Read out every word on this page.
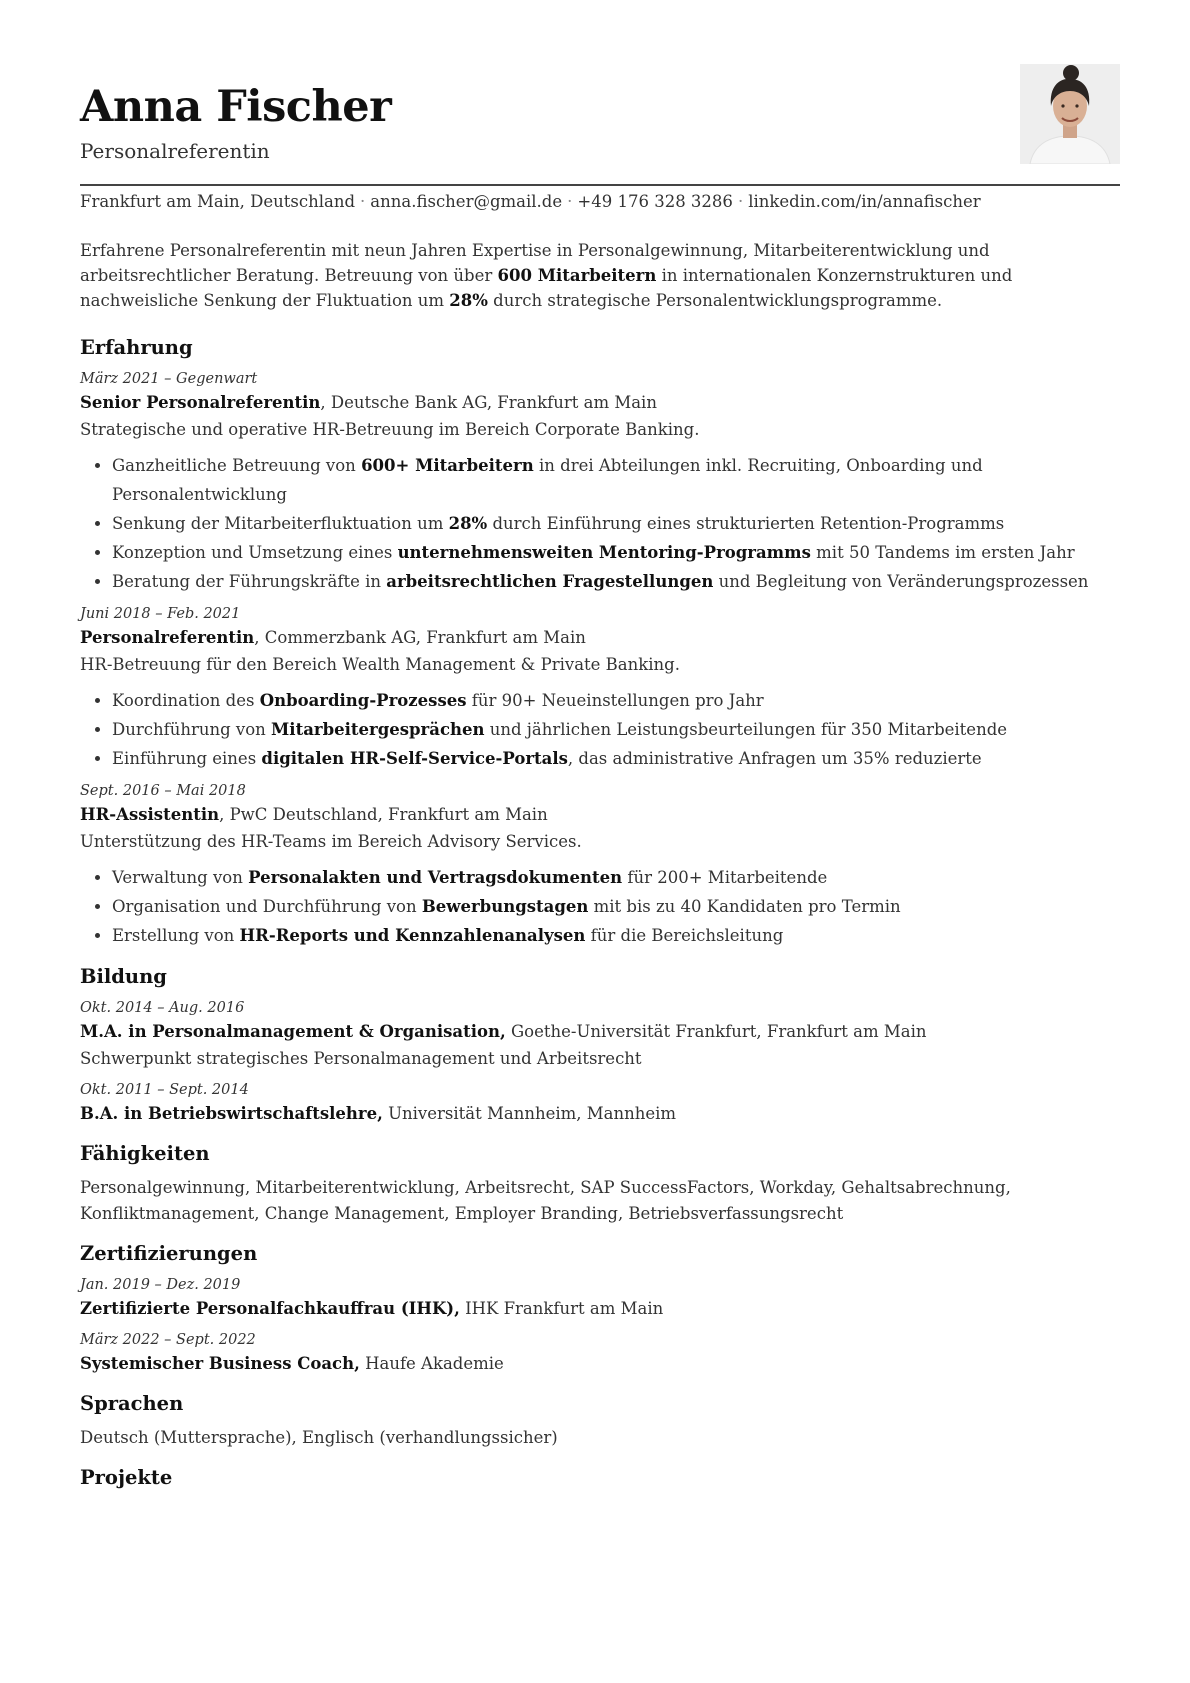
Anna Fischer
Personalreferentin
Frankfurt am Main, Deutschland · anna.fischer@gmail.de · +49 176 328 3286 · linkedin.com/in/annafischer
Erfahrene Personalreferentin mit neun Jahren Expertise in Personalgewinnung, Mitarbeiterentwicklung und arbeitsrechtlicher Beratung. Betreuung von über 600 Mitarbeitern in internationalen Konzernstrukturen und nachweisliche Senkung der Fluktuation um 28% durch strategische Personalentwicklungsprogramme.
Erfahrung
März 2021 – Gegenwart
Senior Personalreferentin, Deutsche Bank AG, Frankfurt am Main
Strategische und operative HR-Betreuung im Bereich Corporate Banking.
• Ganzheitliche Betreuung von 600+ Mitarbeitern in drei Abteilungen inkl. Recruiting, Onboarding und Personalentwicklung
• Senkung der Mitarbeiterfluktuation um 28% durch Einführung eines strukturierten Retention-Programms
• Konzeption und Umsetzung eines unternehmensweiten Mentoring-Programms mit 50 Tandems im ersten Jahr
• Beratung der Führungskräfte in arbeitsrechtlichen Fragestellungen und Begleitung von Veränderungsprozessen
Juni 2018 – Feb. 2021
Personalreferentin, Commerzbank AG, Frankfurt am Main
HR-Betreuung für den Bereich Wealth Management & Private Banking.
• Koordination des Onboarding-Prozesses für 90+ Neueinstellungen pro Jahr
• Durchführung von Mitarbeitergesprächen und jährlichen Leistungsbeurteilungen für 350 Mitarbeitende
• Einführung eines digitalen HR-Self-Service-Portals, das administrative Anfragen um 35% reduzierte
Sept. 2016 – Mai 2018
HR-Assistentin, PwC Deutschland, Frankfurt am Main
Unterstützung des HR-Teams im Bereich Advisory Services.
• Verwaltung von Personalakten und Vertragsdokumenten für 200+ Mitarbeitende
• Organisation und Durchführung von Bewerbungstagen mit bis zu 40 Kandidaten pro Termin
• Erstellung von HR-Reports und Kennzahlenanalysen für die Bereichsleitung
Bildung
Okt. 2014 – Aug. 2016
M.A. in Personalmanagement & Organisation, Goethe-Universität Frankfurt, Frankfurt am Main
Schwerpunkt strategisches Personalmanagement und Arbeitsrecht
Okt. 2011 – Sept. 2014
B.A. in Betriebswirtschaftslehre, Universität Mannheim, Mannheim
Fähigkeiten
Personalgewinnung, Mitarbeiterentwicklung, Arbeitsrecht, SAP SuccessFactors, Workday, Gehaltsabrechnung,
Konfliktmanagement, Change Management, Employer Branding, Betriebsverfassungsrecht
Zertifizierungen
Jan. 2019 – Dez. 2019
Zertifizierte Personalfachkauffrau (IHK), IHK Frankfurt am Main
März 2022 – Sept. 2022
Systemischer Business Coach, Haufe Akademie
Sprachen
Deutsch (Muttersprache), Englisch (verhandlungssicher)
Projekte
